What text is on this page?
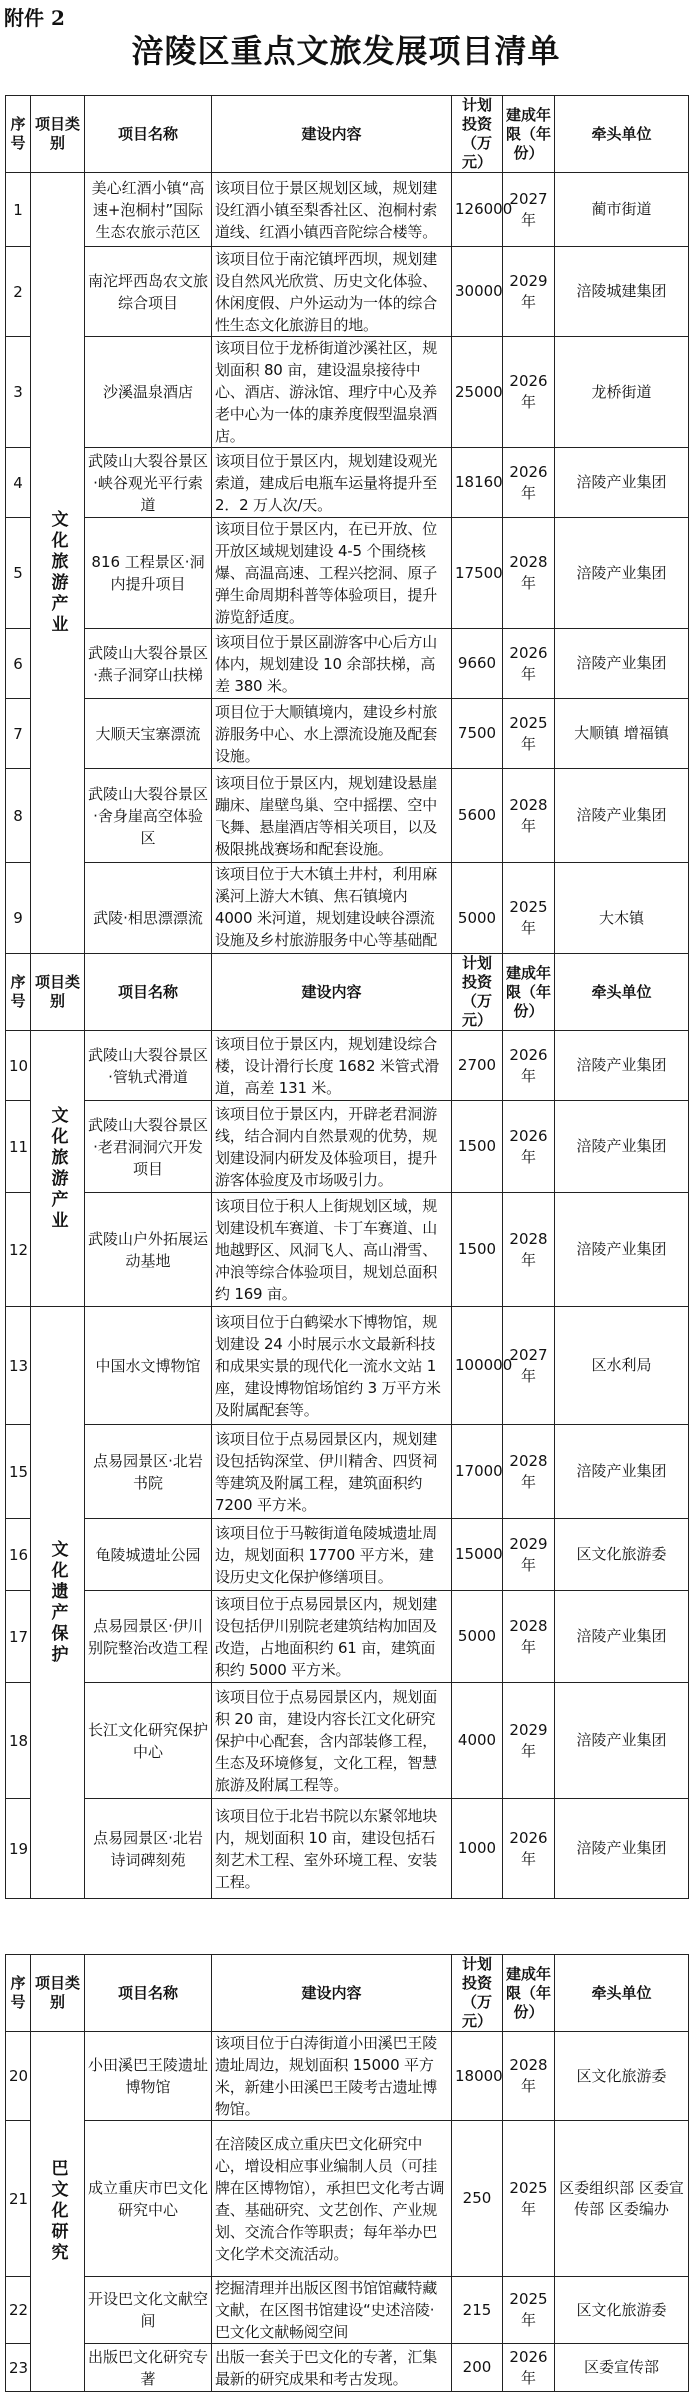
附件 2
涪陵区重点文旅发展项目清单
序号	项目类别	项目名称	建设内容	计划投资（万元）	建成年限（年份）	牵头单位
1	文化旅游产业	美心红酒小镇“高速+泡桐村”国际生态农旅示范区	该项目位于景区规划区域，规划建设红酒小镇至梨香社区、泡桐村索道线、红酒小镇西音陀综合楼等。	126000	2027 年	蔺市街道
2		南沱坪西岛农文旅综合项目	该项目位于南沱镇坪西坝，规划建设自然风光欣赏、历史文化体验、休闲度假、户外运动为一体的综合性生态文化旅游目的地。	30000	2029 年	涪陵城建集团
3		沙溪温泉酒店	该项目位于龙桥街道沙溪社区，规划面积 80 亩，建设温泉接待中心、酒店、游泳馆、理疗中心及养老中心为一体的康养度假型温泉酒店。	25000	2026 年	龙桥街道
4		武陵山大裂谷景区·峡谷观光平行索道	该项目位于景区内，规划建设观光索道，建成后电瓶车运量将提升至 2．2 万人次/天。	18160	2026 年	涪陵产业集团
5		816 工程景区·洞内提升项目	该项目位于景区内，在已开放、位开放区域规划建设 4-5 个围绕核爆、高温高速、工程兴挖洞、原子弹生命周期科普等体验项目，提升游览舒适度。	17500	2028 年	涪陵产业集团
6		武陵山大裂谷景区·燕子洞穿山扶梯	该项目位于景区副游客中心后方山体内，规划建设 10 余部扶梯，高差 380 米。	9660	2026 年	涪陵产业集团
7		大顺天宝寨漂流	项目位于大顺镇境内，建设乡村旅游服务中心、水上漂流设施及配套设施。	7500	2025 年	大顺镇 增福镇
8		武陵山大裂谷景区·舍身崖高空体验区	该项目位于景区内，规划建设悬崖蹦床、崖壁鸟巢、空中摇摆、空中飞舞、悬崖酒店等相关项目，以及极限挑战赛场和配套设施。	5600	2028 年	涪陵产业集团
9		武陵·相思漂漂流	该项目位于大木镇土井村，利用麻溪河上游大木镇、焦石镇境内 4000 米河道，规划建设峡谷漂流设施及乡村旅游服务中心等基础配	5000	2025 年	大木镇
序号	项目类别	项目名称	建设内容	计划投资（万元）	建成年限（年份）	牵头单位
10	文化旅游产业	武陵山大裂谷景区·管轨式滑道	该项目位于景区内，规划建设综合楼，设计滑行长度 1682 米管式滑道，高差 131 米。	2700	2026 年	涪陵产业集团
11		武陵山大裂谷景区·老君洞洞穴开发项目	该项目位于景区内，开辟老君洞游线，结合洞内自然景观的优势，规划建设洞内研发及体验项目，提升游客体验度及市场吸引力。	1500	2026 年	涪陵产业集团
12		武陵山户外拓展运动基地	该项目位于积人上街规划区域，规划建设机车赛道、卡丁车赛道、山地越野区、风洞飞人、高山滑雪、冲浪等综合体验项目，规划总面积约 169 亩。	1500	2028 年	涪陵产业集团
13	文化遗产保护	中国水文博物馆	该项目位于白鹤梁水下博物馆，规划建设 24 小时展示水文最新科技和成果实景的现代化一流水文站 1 座，建设博物馆场馆约 3 万平方米及附属配套等。	100000	2027 年	区水利局
15		点易园景区·北岩书院	该项目位于点易园景区内，规划建设包括钩深堂、伊川精舍、四贤祠等建筑及附属工程，建筑面积约 7200 平方米。	17000	2028 年	涪陵产业集团
16		龟陵城遗址公园	该项目位于马鞍街道龟陵城遗址周边，规划面积 17700 平方米，建设历史文化保护修缮项目。	15000	2029 年	区文化旅游委
17		点易园景区·伊川别院整治改造工程	该项目位于点易园景区内，规划建设包括伊川别院老建筑结构加固及改造，占地面积约 61 亩，建筑面积约 5000 平方米。	5000	2028 年	涪陵产业集团
18		长江文化研究保护中心	该项目位于点易园景区内，规划面积 20 亩，建设内容长江文化研究保护中心配套，含内部装修工程，生态及环境修复，文化工程，智慧旅游及附属工程等。	4000	2029 年	涪陵产业集团
19		点易园景区·北岩诗词碑刻苑	该项目位于北岩书院以东紧邻地块内，规划面积 10 亩，建设包括石刻艺术工程、室外环境工程、安装工程。	1000	2026 年	涪陵产业集团
序号	项目类别	项目名称	建设内容	计划投资（万元）	建成年限（年份）	牵头单位
20	巴文化研究	小田溪巴王陵遗址博物馆	该项目位于白涛街道小田溪巴王陵遗址周边，规划面积 15000 平方米，新建小田溪巴王陵考古遗址博物馆。	18000	2028 年	区文化旅游委
21		成立重庆市巴文化研究中心	在涪陵区成立重庆巴文化研究中心，增设相应事业编制人员（可挂牌在区博物馆），承担巴文化考古调查、基础研究、文艺创作、产业规划、交流合作等职责；每年举办巴文化学术交流活动。	250	2025 年	区委组织部 区委宣传部 区委编办
22		开设巴文化文献空间	挖掘清理并出版区图书馆馆藏特藏文献，在区图书馆建设“史述涪陵·巴文化文献畅阅空间	215	2025 年	区文化旅游委
23		出版巴文化研究专著	出版一套关于巴文化的专著，汇集最新的研究成果和考古发现。	200	2026 年	区委宣传部
